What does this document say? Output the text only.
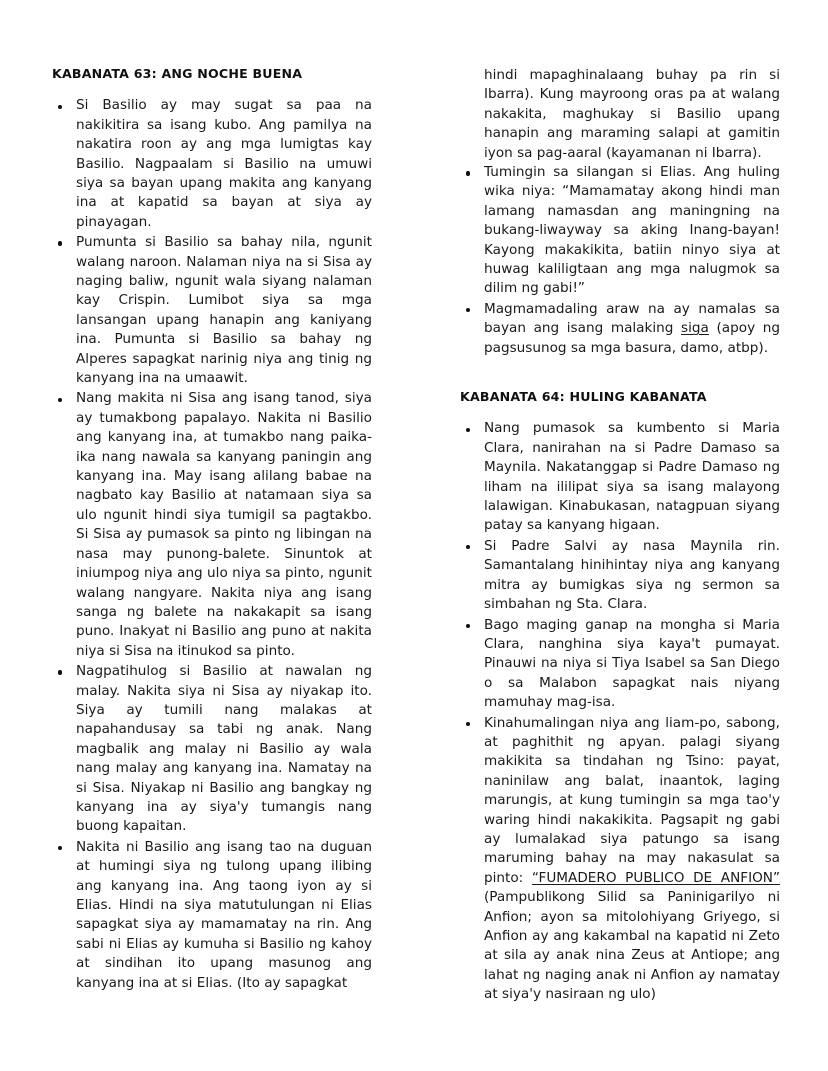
KABANATA 63: ANG NOCHE BUENA
Si Basilio ay may sugat sa paa na nakikitira sa isang kubo. Ang pamilya na nakatira roon ay ang mga lumigtas kay Basilio. Nagpaalam si Basilio na umuwi siya sa bayan upang makita ang kanyang ina at kapatid sa bayan at siya ay pinayagan.
Pumunta si Basilio sa bahay nila, ngunit walang naroon. Nalaman niya na si Sisa ay naging baliw, ngunit wala siyang nalaman kay Crispin. Lumibot siya sa mga lansangan upang hanapin ang kaniyang ina. Pumunta si Basilio sa bahay ng Alperes sapagkat narinig niya ang tinig ng kanyang ina na umaawit.
Nang makita ni Sisa ang isang tanod, siya ay tumakbong papalayo. Nakita ni Basilio ang kanyang ina, at tumakbo nang paika-ika nang nawala sa kanyang paningin ang kanyang ina. May isang alilang babae na nagbato kay Basilio at natamaan siya sa ulo ngunit hindi siya tumigil sa pagtakbo. Si Sisa ay pumasok sa pinto ng libingan na nasa may punong-balete. Sinuntok at iniumpog niya ang ulo niya sa pinto, ngunit walang nangyare. Nakita niya ang isang sanga ng balete na nakakapit sa isang puno. Inakyat ni Basilio ang puno at nakita niya si Sisa na itinukod sa pinto.
Nagpatihulog si Basilio at nawalan ng malay. Nakita siya ni Sisa ay niyakap ito. Siya ay tumili nang malakas at napahandusay sa tabi ng anak. Nang magbalik ang malay ni Basilio ay wala nang malay ang kanyang ina. Namatay na si Sisa. Niyakap ni Basilio ang bangkay ng kanyang ina ay siya'y tumangis nang buong kapaitan.
Nakita ni Basilio ang isang tao na duguan at humingi siya ng tulong upang ilibing ang kanyang ina. Ang taong iyon ay si Elias. Hindi na siya matutulungan ni Elias sapagkat siya ay mamamatay na rin. Ang sabi ni Elias ay kumuha si Basilio ng kahoy at sindihan ito upang masunog ang kanyang ina at si Elias. (Ito ay sapagkat

hindi mapaghinalaang buhay pa rin si Ibarra). Kung mayroong oras pa at walang nakakita, maghukay si Basilio upang hanapin ang maraming salapi at gamitin iyon sa pag-aaral (kayamanan ni Ibarra).

Tumingin sa silangan si Elias. Ang huling wika niya: “Mamamatay akong hindi man lamang namasdan ang maningning na bukang-liwayway sa aking Inang-bayan! Kayong makakikita, batiin ninyo siya at huwag kaliligtaan ang mga nalugmok sa dilim ng gabi!”
Magmamadaling araw na ay namalas sa bayan ang isang malaking siga (apoy ng pagsusunog sa mga basura, damo, atbp).
KABANATA 64: HULING KABANATA
Nang pumasok sa kumbento si Maria Clara, nanirahan na si Padre Damaso sa Maynila. Nakatanggap si Padre Damaso ng liham na ililipat siya sa isang malayong lalawigan. Kinabukasan, natagpuan siyang patay sa kanyang higaan.
Si Padre Salvi ay nasa Maynila rin. Samantalang hinihintay niya ang kanyang mitra ay bumigkas siya ng sermon sa simbahan ng Sta. Clara.
Bago maging ganap na mongha si Maria Clara, nanghina siya kaya't pumayat. Pinauwi na niya si Tiya Isabel sa San Diego o sa Malabon sapagkat nais niyang mamuhay mag-isa.
Kinahumalingan niya ang liam-po, sabong, at paghithit ng apyan. palagi siyang makikita sa tindahan ng Tsino: payat, naninilaw ang balat, inaantok, laging marungis, at kung tumingin sa mga tao'y waring hindi nakakikita. Pagsapit ng gabi ay lumalakad siya patungo sa isang maruming bahay na may nakasulat sa pinto: “FUMADERO PUBLICO DE ANFION” (Pampublikong Silid sa Paninigarilyo ni Anfion; ayon sa mitolohiyang Griyego, si Anfion ay ang kakambal na kapatid ni Zeto at sila ay anak nina Zeus at Antiope; ang lahat ng naging anak ni Anfion ay namatay at siya'y nasiraan ng ulo)
